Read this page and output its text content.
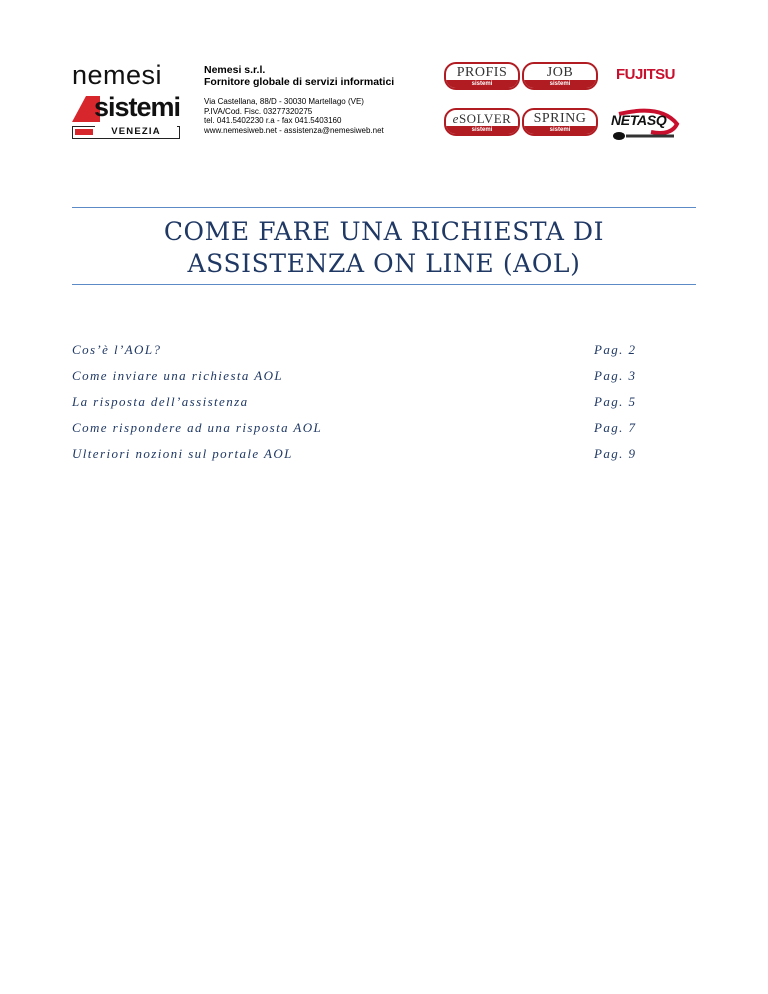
nemesi
sistemi
VENEZIA
Nemesi s.r.l.
Fornitore globale di servizi informatici
Via Castellana, 88/D - 30030 Martellago (VE)
P.IVA/Cod. Fisc. 03277320275
tel. 041.5402230 r.a - fax 041.5403160
www.nemesiweb.net - assistenza@nemesiweb.net
PROFIS
sistemi
JOB
sistemi
eSOLVER
sistemi
SPRING
sistemi
FUJITSU
NETASQ
COME FARE UNA RICHIESTA DI
ASSISTENZA ON LINE (AOL)
Cos’è l’AOL?	Pag. 2
Come inviare una richiesta AOL	Pag. 3
La risposta dell’assistenza	Pag. 5
Come rispondere ad una risposta AOL	Pag. 7
Ulteriori nozioni sul portale AOL	Pag. 9
